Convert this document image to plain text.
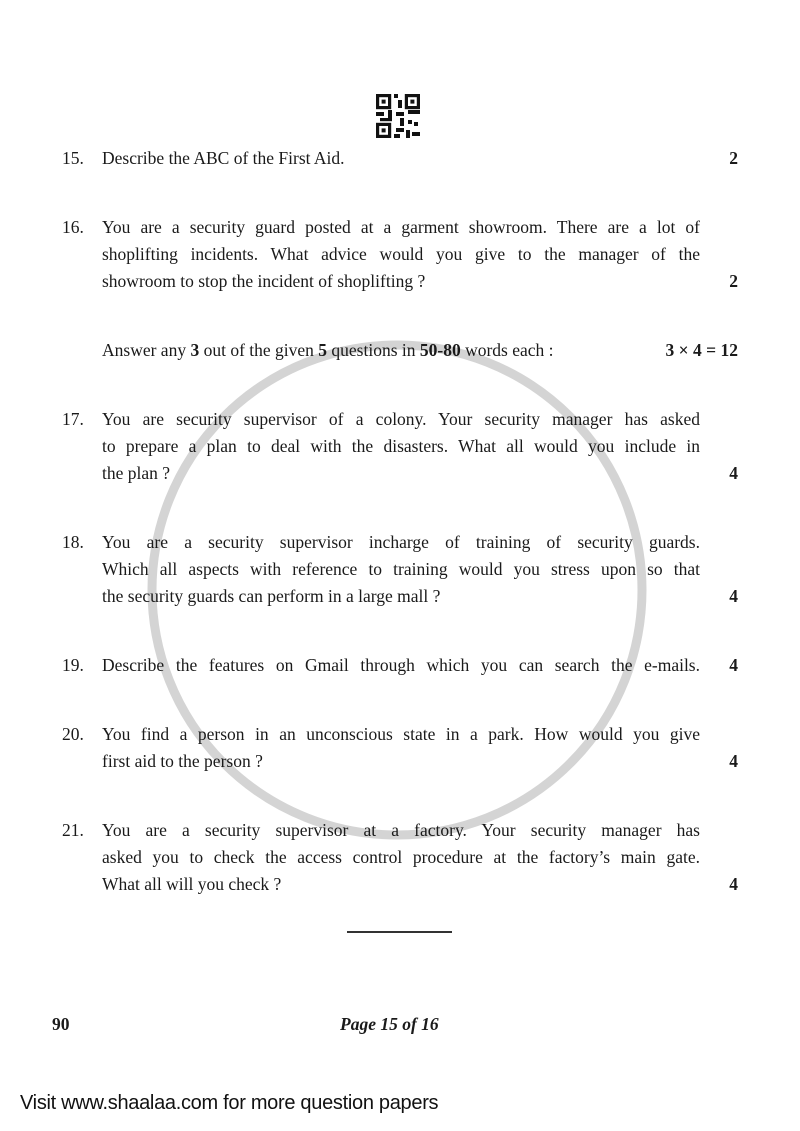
15. Describe the ABC of the First Aid.	2
16. You are a security guard posted at a garment showroom. There are a lot of
shoplifting incidents. What advice would you give to the manager of the
showroom to stop the incident of shoplifting ?	2
Answer any 3 out of the given 5 questions in 50-80 words each :	3 × 4 = 12
17. You are security supervisor of a colony. Your security manager has asked
to prepare a plan to deal with the disasters. What all would you include in
the plan ?	4
18. You are a security supervisor incharge of training of security guards.
Which all aspects with reference to training would you stress upon so that
the security guards can perform in a large mall ?	4
19. Describe the features on Gmail through which you can search the e-mails. 4
20. You find a person in an unconscious state in a park. How would you give
first aid to the person ?	4
21. You are a security supervisor at a factory. Your security manager has
asked you to check the access control procedure at the factory’s main gate.
What all will you check ?	4
90	Page 15 of 16
Visit www.shaalaa.com for more question papers
